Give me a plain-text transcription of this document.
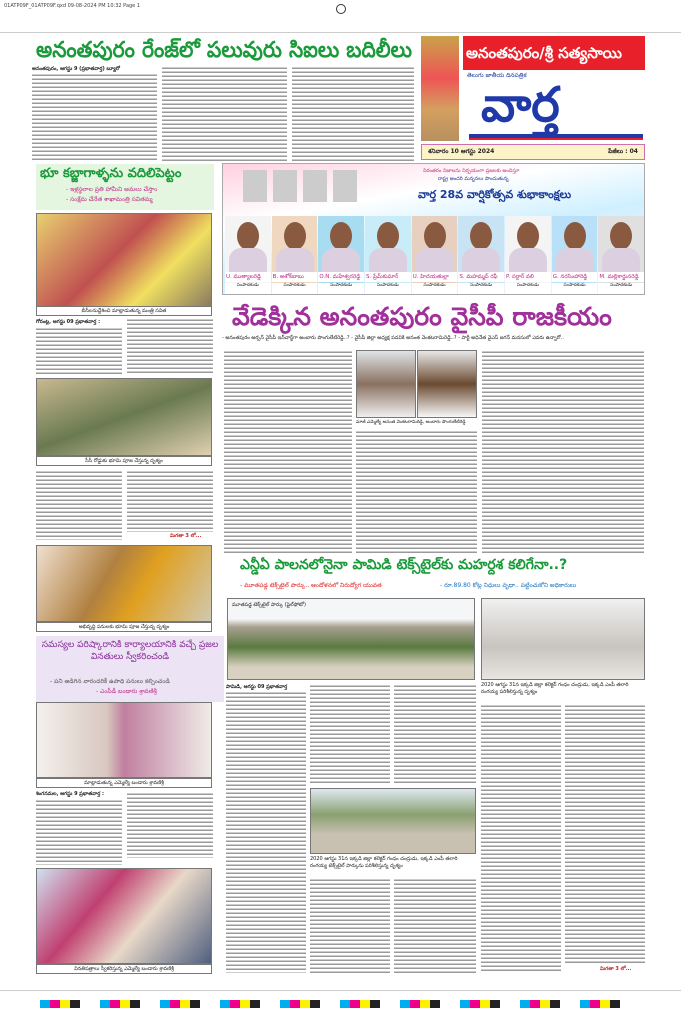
01ATP09F_01ATP09F.qxd 09-08-2024 PM 10:32 Page 1
అనంతపురం రేంజ్‌లో పలువురు సిఐలు బదిలీలు
అనంతపురం, ఆగస్టు 9 (ప్రభాతవార్త) బ్యూరో
అనంతపురం/శ్రీ సత్యసాయి
తెలుగు జాతీయ దినపత్రిక
వార్త
శనివారం 10 ఆగస్టు 2024	పేజీలు : 04
భూ కబ్జాగాళ్ళను వదిలిపెట్టం
- ఇళ్లస్థలాల ప్రతి హామీని అమలు చేస్తాం
- సంక్షేమ చేనేత శాఖామంత్రి సవితమ్మ
బీసీలనుద్దేశించి మాట్లాడుతున్న మంత్రి సవిత
గోరంట్ల, ఆగస్టు 09 ప్రభాతవార్త :
సీసీ రోడ్డుకు భూమి పూజ చేస్తున్న దృశ్యం
మిగతా 3 లో...
అభివృద్ధి పనులకు భూమి పూజ చేస్తున్న దృశ్యం
సమస్యల పరిష్కారానికి కార్యాలయానికి వచ్చే ప్రజల వినతులు స్వీకరించండి
- పని అడిగిన వారందరికీ ఉపాధి పనులు కల్పించండి
- ఎంపీడీ బండారు శ్రావణిశ్రీ
మాట్లాడుతున్న ఎమ్మెల్యే బండారు శ్రావణిశ్రీ
శింగనమల, ఆగస్టు 9 ప్రభాతవార్త :
వినతిపత్రాలు స్వీకరిస్తున్న ఎమ్మెల్యే బండారు శ్రావణిశ్రీ
నిరంతరం నిజాలను నిర్భయంగా ప్రజలకు అందిస్తూ
రాష్ట్ర అందరి మన్ననలు పొందుతున్న
వార్త 28వ వార్షికోత్సవ శుభాకాంక్షలు
U. ముత్యాలరెడ్డి
సంపాదకుడు
B. అశోక్‌బాబు
సంపాదకుడు
O.N. మహేశ్వరరెడ్డి
సంపాదకుడు
S. ప్రేమ్‌కుమార్
సంపాదకుడు
U. హిదయతుల్లా
సంపాదకుడు
S. మహమ్మద్ రఫీ
సంపాదకుడు
P. సర్దార్ వలి
సంపాదకుడు
G. నరసింహారెడ్డి
సంపాదకుడు
M. మల్లికార్జునరెడ్డి
సంపాదకుడు
వేడెక్కిన అనంతపురం వైసీపీ రాజకీయం
- అనంతపురం అర్బన్ వైసీపీ ఇన్‌చార్జ్‌గా అంబారు పొంగులేటిరెడ్డి..? - వైసీపీ జిల్లా అధ్యక్ష పదవికి అనంత వెంకటరామిరెడ్డి..? - పార్టీ అధినేత వైఎస్ జగన్ మనసులో ఎవరు ఉన్నారో..
మాజీ ఎమ్మెల్యే అనంత వెంకటరామిరెడ్డి, అంబారు పొంగులేటిరెడ్డి
ఎన్డీఏ పాలనలోనైనా పామిడి టెక్స్‌టైల్‌కు మహర్దశ కలిగేనా..?
- మూతపడ్డ టెక్స్‌టైల్ పార్కు.. ఆందోళనలో నిరుద్యోగ యువత	- రూ.89.80 కోట్ల నిధులు వృధా.. పట్టించుకోని అధికారులు
మూతపడ్డ టెక్స్‌టైల్ పార్కు (ఫైల్‌ఫోటో)
2020 ఆగస్టు 31న ఇక్కడి జిల్లా కలెక్టర్ గంధం చంద్రుడు, ఇక్కడి ఎంపీ తలారి రంగయ్య పరిశీలిస్తున్న దృశ్యం
పామిడి, ఆగస్టు 09 ప్రభాతవార్త
2020 ఆగస్టు 31న ఇక్కడి జిల్లా కలెక్టర్ గంధం చంద్రుడు, ఇక్కడి ఎంపీ తలారి రంగయ్య టెక్స్‌టైల్ పార్కును పరిశీలిస్తున్న దృశ్యం
మిగతా 3 లో...
